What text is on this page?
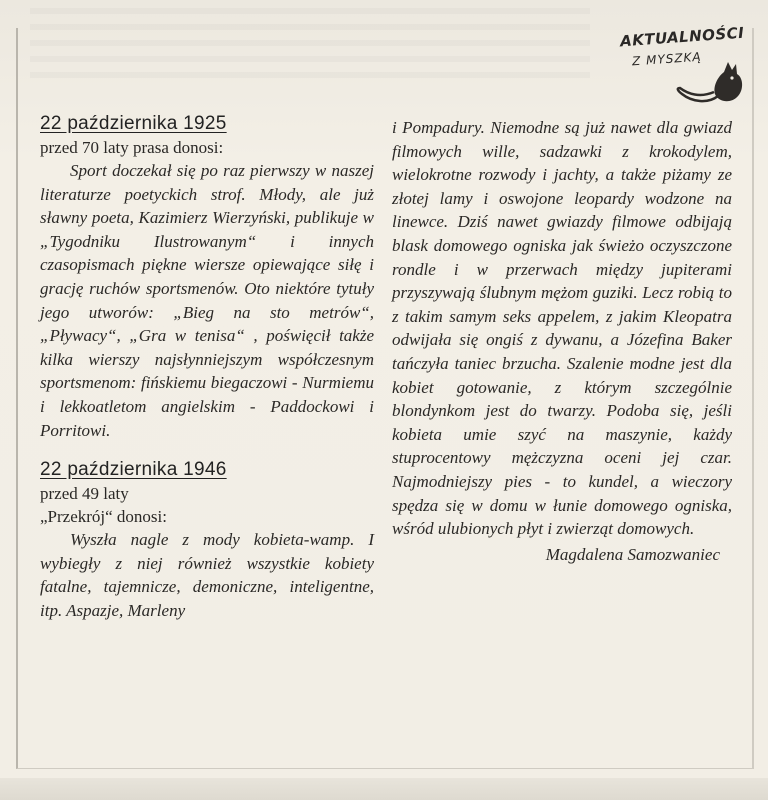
AKTUALNOŚCI
Z MYSZKĄ
22 października 1925
przed 70 laty prasa donosi:

Sport doczekał się po raz pierwszy w naszej literaturze poetyckich strof. Młody, ale już sławny poeta, Kazimierz Wierzyński, publikuje w „Tygodniku Ilustrowanym“ i innych czasopismach piękne wiersze opiewające siłę i grację ruchów sportsmenów. Oto niektóre tytuły jego utworów: „Bieg na sto metrów“, „Pływacy“, „Gra w tenisa“ , poświęcił także kilka wierszy najsłynniejszym współczesnym sportsmenom: fińskiemu biegaczowi - Nurmiemu i lekkoatletom angielskim - Paddockowi i Porritowi.

22 października 1946
przed 49 laty
„Przekrój“ donosi:

Wyszła nagle z mody kobieta-wamp. I wybiegły z niej również wszystkie kobiety fatalne, tajemnicze, demoniczne, inteligentne, itp. Aspazje, Marleny

i Pompadury. Niemodne są już nawet dla gwiazd filmowych wille, sadzawki z krokodylem, wielokrotne rozwody i jachty, a także piżamy ze złotej lamy i oswojone leopardy wodzone na linewce. Dziś nawet gwiazdy filmowe odbijają blask domowego ogniska jak świeżo oczyszczone rondle i w przerwach między jupiterami przyszywają ślubnym mężom guziki. Lecz robią to z takim samym seks appelem, z jakim Kleopatra odwijała się ongiś z dywanu, a Józefina Baker tańczyła taniec brzucha. Szalenie modne jest dla kobiet gotowanie, z którym szczególnie blondynkom jest do twarzy. Podoba się, jeśli kobieta umie szyć na maszynie, każdy stuprocentowy mężczyzna oceni jej czar. Najmodniejszy pies - to kundel, a wieczory spędza się w domu w łunie domowego ogniska, wśród ulubionych płyt i zwierząt domowych.

Magdalena Samozwaniec
